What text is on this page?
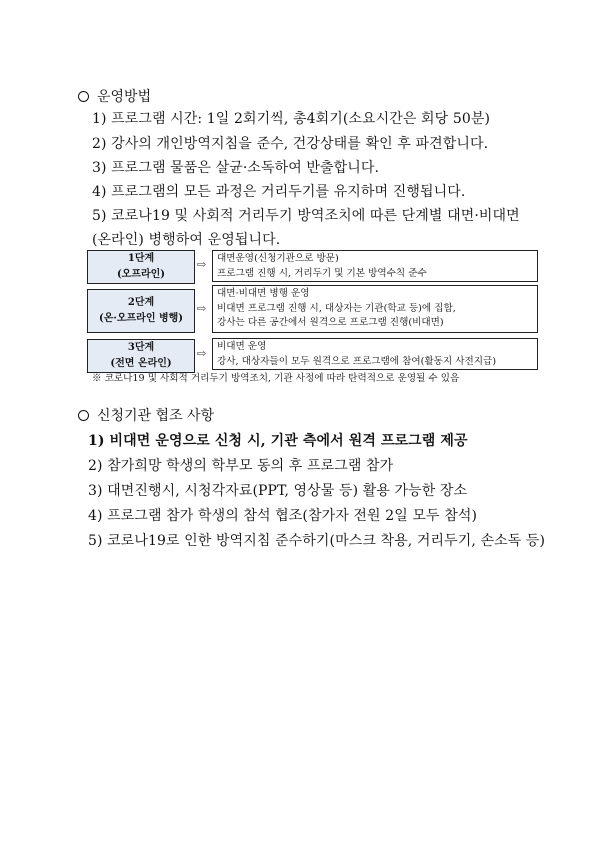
운영방법
1) 프로그램 시간: 1일 2회기씩, 총4회기(소요시간은 회당 50분)
2) 강사의 개인방역지침을 준수, 건강상태를 확인 후 파견합니다.
3) 프로그램 물품은 살균·소독하여 반출합니다.
4) 프로그램의 모든 과정은 거리두기를 유지하며 진행됩니다.
5) 코로나19 및 사회적 거리두기 방역조치에 따른 단계별 대면·비대면
(온라인) 병행하여 운영됩니다.
1단계
(오프라인)
⇨ 대면운영(신청기관으로 방문)
프로그램 진행 시, 거리두기 및 기본 방역수칙 준수
2단계
(온·오프라인 병행)
⇨
대면·비대면 병행 운영
비대면 프로그램 진행 시, 대상자는 기관(학교 등)에 집합,
강사는 다른 공간에서 원격으로 프로그램 진행(비대면)
3단계
(전면 온라인)
⇨
비대면 운영
강사, 대상자들이 모두 원격으로 프로그램에 참여(활동지 사전지급)
※ 코로나19 및 사회적 거리두기 방역조치, 기관 사정에 따라 탄력적으로 운영될 수 있음
신청기관 협조 사항
1) 비대면 운영으로 신청 시, 기관 측에서 원격 프로그램 제공
2) 참가희망 학생의 학부모 동의 후 프로그램 참가
3) 대면진행시, 시청각자료(PPT, 영상물 등) 활용 가능한 장소
4) 프로그램 참가 학생의 참석 협조(참가자 전원 2일 모두 참석)
5) 코로나19로 인한 방역지침 준수하기(마스크 착용, 거리두기, 손소독 등)
